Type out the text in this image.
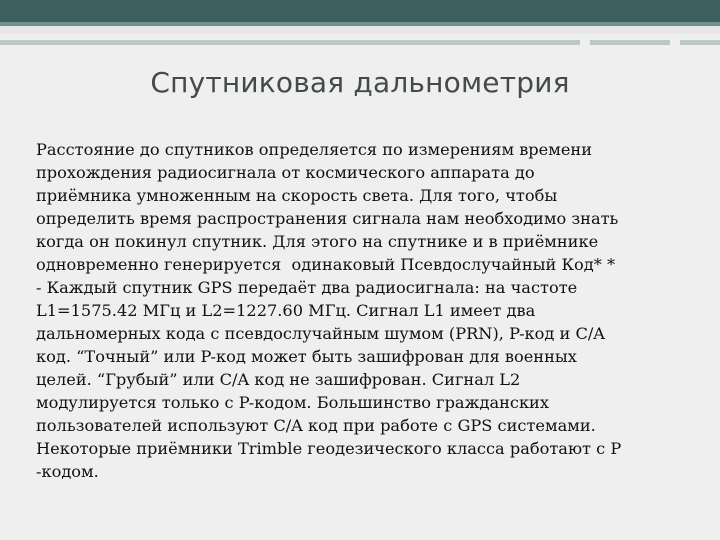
Спутниковая дальнометрия
Расстояние до спутников определяется по измерениям времени
прохождения радиосигнала от космического аппарата до
приёмника умноженным на скорость света. Для того, чтобы
определить время распространения сигнала нам необходимо знать
когда он покинул спутник. Для этого на спутнике и в приёмнике
одновременно генерируется  одинаковый Псевдослучайный Код* *
- Каждый спутник GPS передаёт два радиосигнала: на частоте
L1=1575.42 МГц и L2=1227.60 МГц. Сигнал L1 имеет два
дальномерных кода с псевдослучайным шумом (PRN), P-код и C/A
код. “Точный” или P-код может быть зашифрован для военных
целей. “Грубый” или C/A код не зашифрован. Сигнал L2
модулируется только с P-кодом. Большинство гражданских
пользователей используют C/A код при работе с GPS системами.
Некоторые приёмники Trimble геодезического класса работают с P
-кодом.
